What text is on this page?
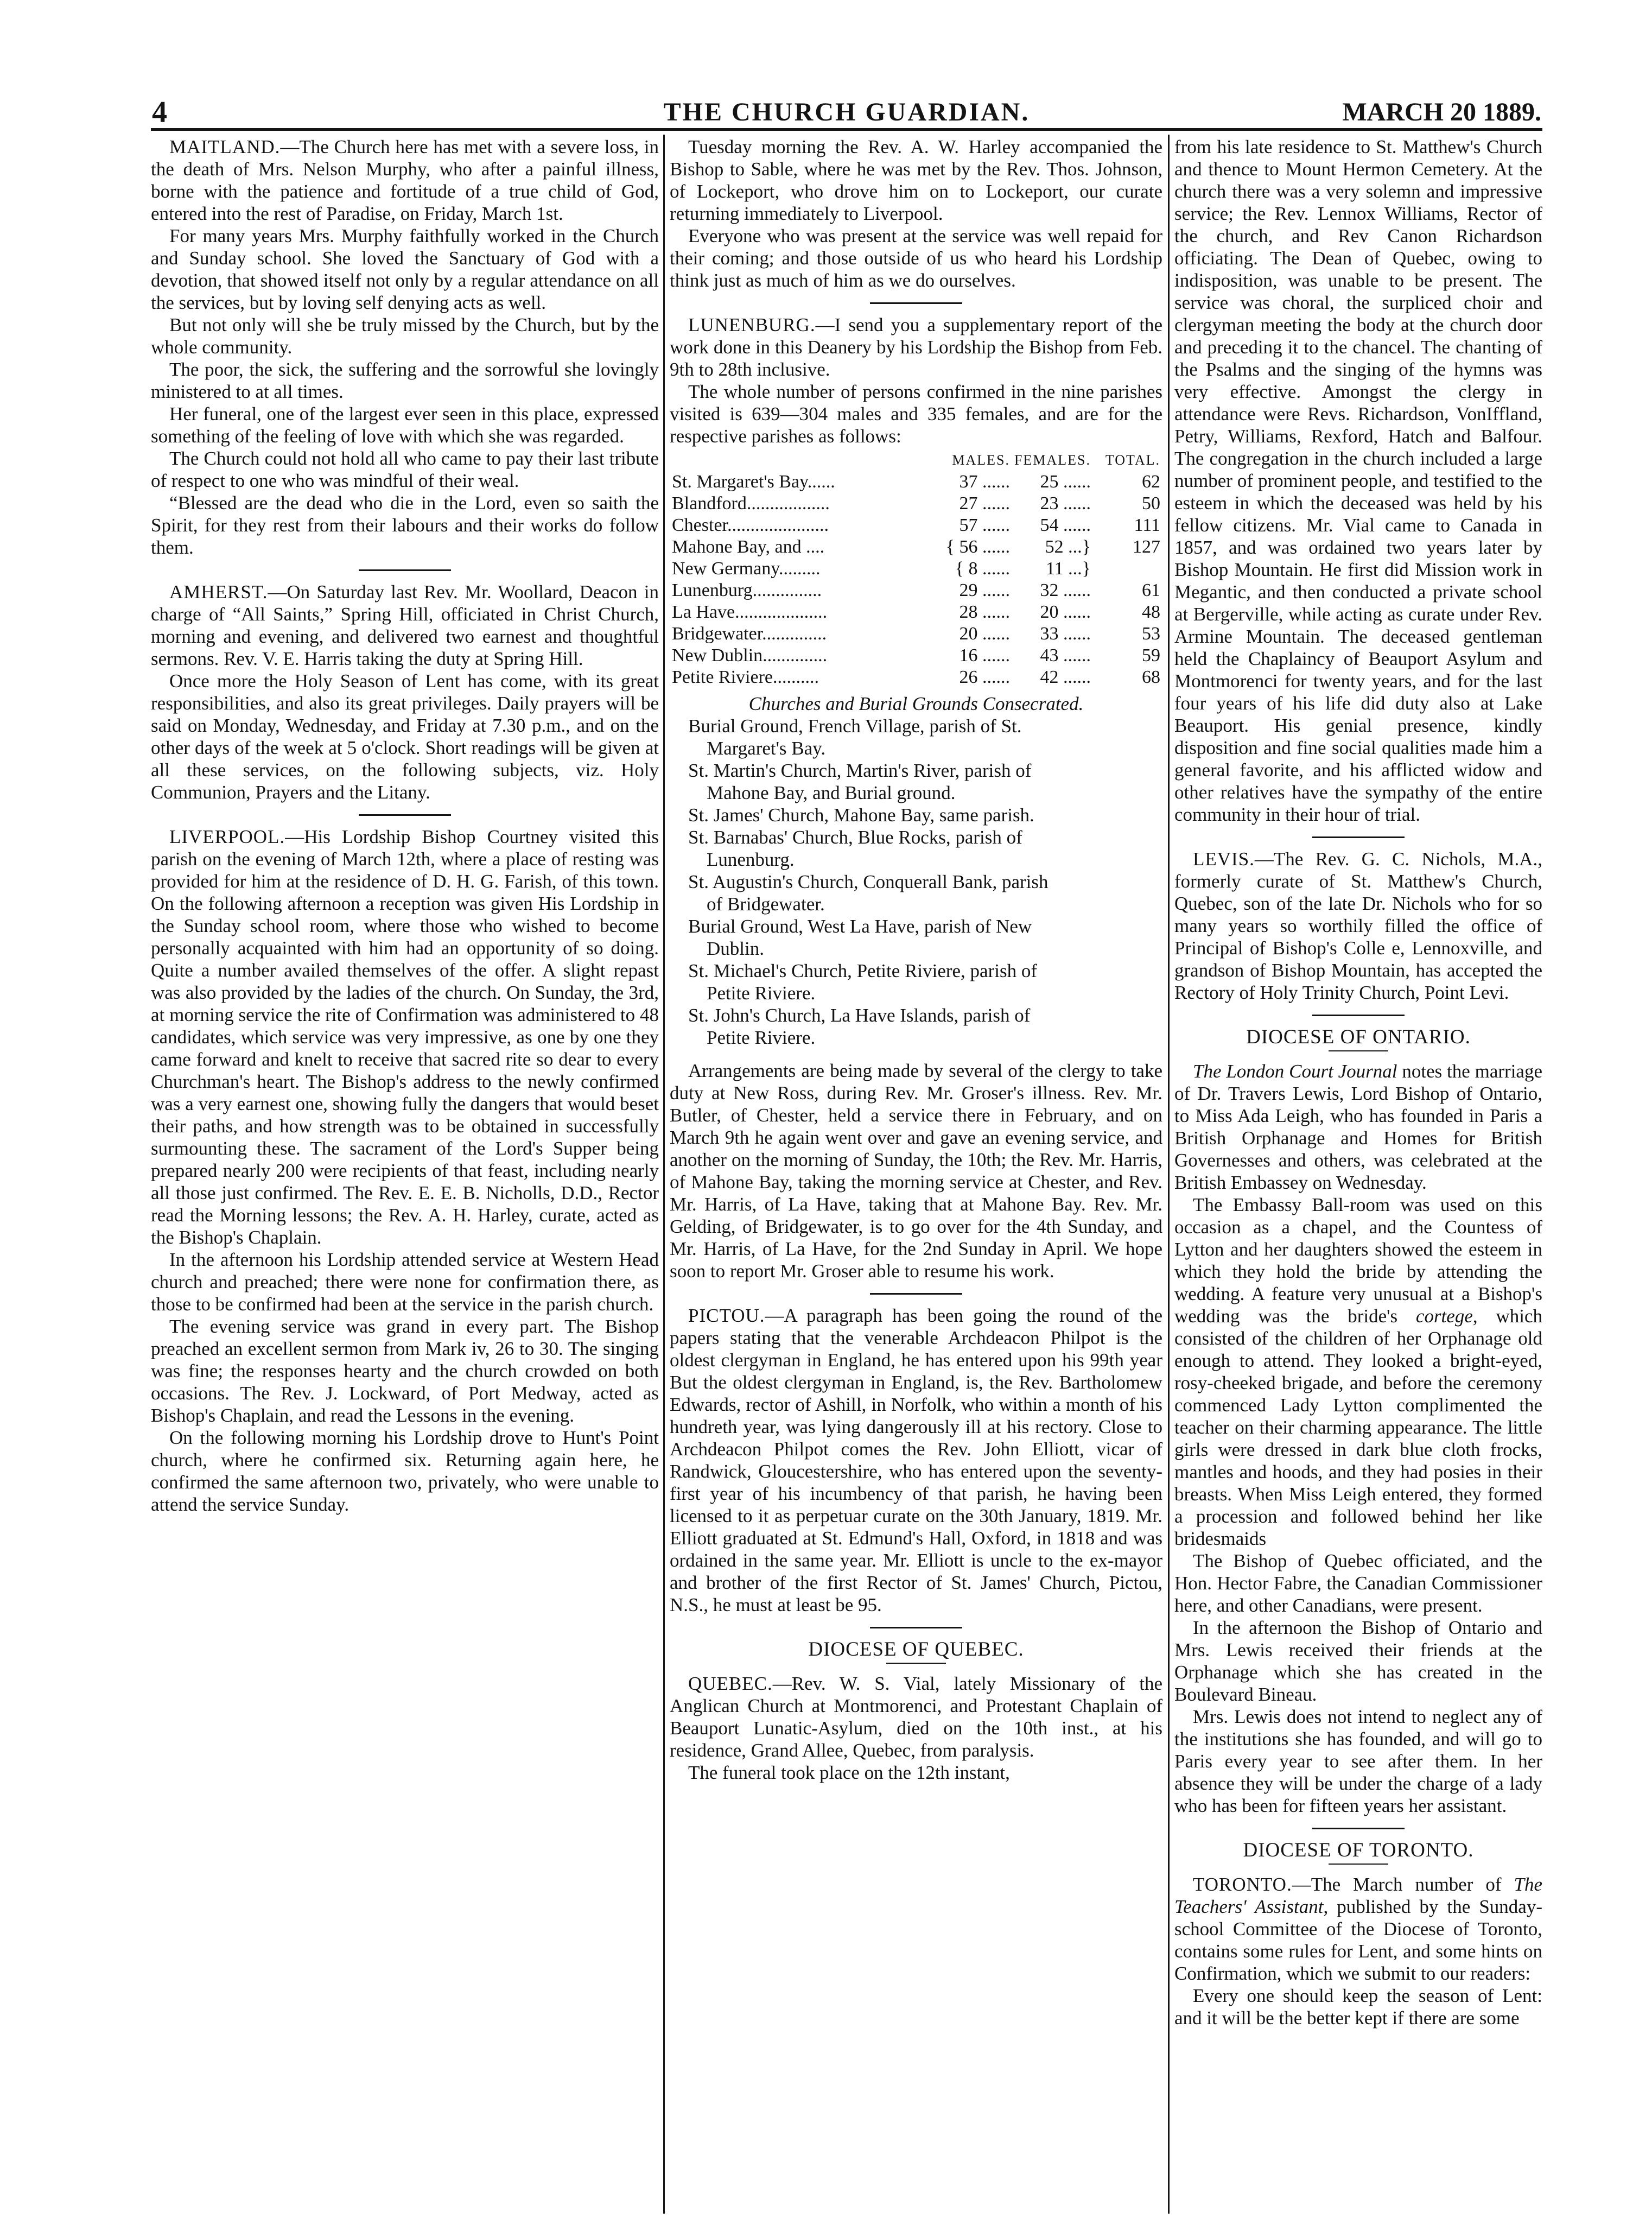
4	THE CHURCH GUARDIAN.	MARCH 20 1889.

MAITLAND.—The Church here has met with a severe loss, in the death of Mrs. Nelson Murphy, who after a painful illness, borne with the patience and fortitude of a true child of God, entered into the rest of Paradise, on Friday, March 1st.

For many years Mrs. Murphy faithfully worked in the Church and Sunday school. She loved the Sanctuary of God with a devotion, that showed itself not only by a regular attendance on all the services, but by loving self denying acts as well.

But not only will she be truly missed by the Church, but by the whole community.

The poor, the sick, the suffering and the sorrowful she lovingly ministered to at all times.

Her funeral, one of the largest ever seen in this place, expressed something of the feeling of love with which she was regarded.

The Church could not hold all who came to pay their last tribute of respect to one who was mindful of their weal.

“Blessed are the dead who die in the Lord, even so saith the Spirit, for they rest from their labours and their works do follow them.

AMHERST.—On Saturday last Rev. Mr. Woollard, Deacon in charge of “All Saints,” Spring Hill, officiated in Christ Church, morning and evening, and delivered two earnest and thoughtful sermons. Rev. V. E. Harris taking the duty at Spring Hill.

Once more the Holy Season of Lent has come, with its great responsibilities, and also its great privileges. Daily prayers will be said on Monday, Wednesday, and Friday at 7.30 p.m., and on the other days of the week at 5 o'clock. Short readings will be given at all these services, on the following subjects, viz. Holy Communion, Prayers and the Litany.

LIVERPOOL.—His Lordship Bishop Courtney visited this parish on the evening of March 12th, where a place of resting was provided for him at the residence of D. H. G. Farish, of this town. On the following afternoon a reception was given His Lordship in the Sunday school room, where those who wished to become personally acquainted with him had an opportunity of so doing. Quite a number availed themselves of the offer. A slight repast was also provided by the ladies of the church. On Sunday, the 3rd, at morning service the rite of Confirmation was administered to 48 candidates, which service was very impressive, as one by one they came forward and knelt to receive that sacred rite so dear to every Churchman's heart. The Bishop's address to the newly confirmed was a very earnest one, showing fully the dangers that would beset their paths, and how strength was to be obtained in successfully surmounting these. The sacrament of the Lord's Supper being prepared nearly 200 were recipients of that feast, including nearly all those just confirmed. The Rev. E. E. B. Nicholls, D.D., Rector read the Morning lessons; the Rev. A. H. Harley, curate, acted as the Bishop's Chaplain.

In the afternoon his Lordship attended service at Western Head church and preached; there were none for confirmation there, as those to be confirmed had been at the service in the parish church.

The evening service was grand in every part. The Bishop preached an excellent sermon from Mark iv, 26 to 30. The singing was fine; the responses hearty and the church crowded on both occasions. The Rev. J. Lockward, of Port Medway, acted as Bishop's Chaplain, and read the Lessons in the evening.

On the following morning his Lordship drove to Hunt's Point church, where he confirmed six. Returning again here, he confirmed the same afternoon two, privately, who were unable to attend the service Sunday.

Tuesday morning the Rev. A. W. Harley accompanied the Bishop to Sable, where he was met by the Rev. Thos. Johnson, of Lockeport, who drove him on to Lockeport, our curate returning immediately to Liverpool.

Everyone who was present at the service was well repaid for their coming; and those outside of us who heard his Lordship think just as much of him as we do ourselves.

LUNENBURG.—I send you a supplementary report of the work done in this Deanery by his Lordship the Bishop from Feb. 9th to 28th inclusive.

The whole number of persons confirmed in the nine parishes visited is 639—304 males and 335 females, and are for the respective parishes as follows:

	MALES.	FEMALES.	TOTAL.
St. Margaret's Bay......	37 ......	25 ......	62
Blandford..................	27 ......	23 ......	50
Chester......................	57 ......	54 ......	111
Mahone Bay, and ....	{ 56 ......	52 ...}	127
New Germany.........	{ 8 ......	11 ...}	
Lunenburg...............	29 ......	32 ......	61
La Have....................	28 ......	20 ......	48
Bridgewater..............	20 ......	33 ......	53
New Dublin..............	16 ......	43 ......	59
Petite Riviere..........	26 ......	42 ......	68

Churches and Burial Grounds Consecrated.

Burial Ground, French Village, parish of St.
Margaret's Bay.

St. Martin's Church, Martin's River, parish of
Mahone Bay, and Burial ground.

St. James' Church, Mahone Bay, same parish.

St. Barnabas' Church, Blue Rocks, parish of
Lunenburg.

St. Augustin's Church, Conquerall Bank, parish
of Bridgewater.

Burial Ground, West La Have, parish of New
Dublin.

St. Michael's Church, Petite Riviere, parish of
Petite Riviere.

St. John's Church, La Have Islands, parish of
Petite Riviere.

Arrangements are being made by several of the clergy to take duty at New Ross, during Rev. Mr. Groser's illness. Rev. Mr. Butler, of Chester, held a service there in February, and on March 9th he again went over and gave an evening service, and another on the morning of Sunday, the 10th; the Rev. Mr. Harris, of Mahone Bay, taking the morning service at Chester, and Rev. Mr. Harris, of La Have, taking that at Mahone Bay. Rev. Mr. Gelding, of Bridgewater, is to go over for the 4th Sunday, and Mr. Harris, of La Have, for the 2nd Sunday in April. We hope soon to report Mr. Groser able to resume his work.

PICTOU.—A paragraph has been going the round of the papers stating that the venerable Archdeacon Philpot is the oldest clergyman in England, he has entered upon his 99th year But the oldest clergyman in England, is, the Rev. Bartholomew Edwards, rector of Ashill, in Norfolk, who within a month of his hundreth year, was lying dangerously ill at his rectory. Close to Archdeacon Philpot comes the Rev. John Elliott, vicar of Randwick, Gloucestershire, who has entered upon the seventy-first year of his incumbency of that parish, he having been licensed to it as perpetuar curate on the 30th January, 1819. Mr. Elliott graduated at St. Edmund's Hall, Oxford, in 1818 and was ordained in the same year. Mr. Elliott is uncle to the ex-mayor and brother of the first Rector of St. James' Church, Pictou, N.S., he must at least be 95.

DIOCESE OF QUEBEC.

QUEBEC.—Rev. W. S. Vial, lately Missionary of the Anglican Church at Montmorenci, and Protestant Chaplain of Beauport Lunatic-Asylum, died on the 10th inst., at his residence, Grand Allee, Quebec, from paralysis.

The funeral took place on the 12th instant,

from his late residence to St. Matthew's Church and thence to Mount Hermon Cemetery. At the church there was a very solemn and impressive service; the Rev. Lennox Williams, Rector of the church, and Rev Canon Richardson officiating. The Dean of Quebec, owing to indisposition, was unable to be present. The service was choral, the surpliced choir and clergyman meeting the body at the church door and preceding it to the chancel. The chanting of the Psalms and the singing of the hymns was very effective. Amongst the clergy in attendance were Revs. Richardson, VonIffland, Petry, Williams, Rexford, Hatch and Balfour. The congregation in the church included a large number of prominent people, and testified to the esteem in which the deceased was held by his fellow citizens. Mr. Vial came to Canada in 1857, and was ordained two years later by Bishop Mountain. He first did Mission work in Megantic, and then conducted a private school at Bergerville, while acting as curate under Rev. Armine Mountain. The deceased gentleman held the Chaplaincy of Beauport Asylum and Montmorenci for twenty years, and for the last four years of his life did duty also at Lake Beauport. His genial presence, kindly disposition and fine social qualities made him a general favorite, and his afflicted widow and other relatives have the sympathy of the entire community in their hour of trial.

LEVIS.—The Rev. G. C. Nichols, M.A., formerly curate of St. Matthew's Church, Quebec, son of the late Dr. Nichols who for so many years so worthily filled the office of Principal of Bishop's Colle e, Lennoxville, and grandson of Bishop Mountain, has accepted the Rectory of Holy Trinity Church, Point Levi.

DIOCESE OF ONTARIO.

The London Court Journal notes the marriage of Dr. Travers Lewis, Lord Bishop of Ontario, to Miss Ada Leigh, who has founded in Paris a British Orphanage and Homes for British Governesses and others, was celebrated at the British Embassey on Wednesday.

The Embassy Ball-room was used on this occasion as a chapel, and the Countess of Lytton and her daughters showed the esteem in which they hold the bride by attending the wedding. A feature very unusual at a Bishop's wedding was the bride's cortege, which consisted of the children of her Orphanage old enough to attend. They looked a bright-eyed, rosy-cheeked brigade, and before the ceremony commenced Lady Lytton complimented the teacher on their charming appearance. The little girls were dressed in dark blue cloth frocks, mantles and hoods, and they had posies in their breasts. When Miss Leigh entered, they formed a procession and followed behind her like bridesmaids

The Bishop of Quebec officiated, and the Hon. Hector Fabre, the Canadian Commissioner here, and other Canadians, were present.

In the afternoon the Bishop of Ontario and Mrs. Lewis received their friends at the Orphanage which she has created in the Boulevard Bineau.

Mrs. Lewis does not intend to neglect any of the institutions she has founded, and will go to Paris every year to see after them. In her absence they will be under the charge of a lady who has been for fifteen years her assistant.

DIOCESE OF TORONTO.

TORONTO.—The March number of The Teachers' Assistant, published by the Sunday-school Committee of the Diocese of Toronto, contains some rules for Lent, and some hints on Confirmation, which we submit to our readers:

Every one should keep the season of Lent: and it will be the better kept if there are some
